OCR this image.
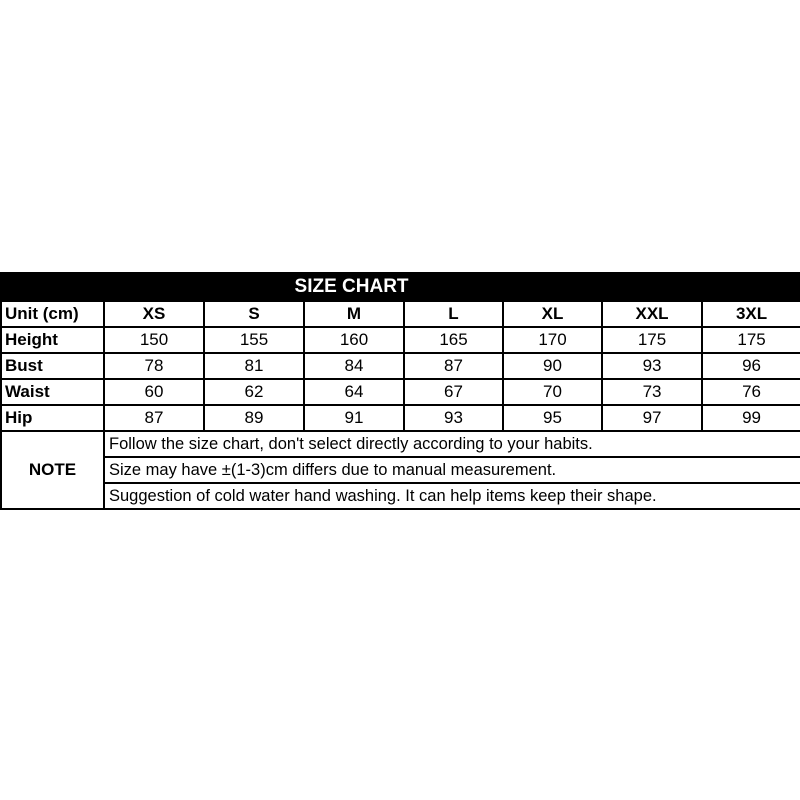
SIZE CHART							
Unit (cm)	XS	S	M	L	XL	XXL	3XL
Height	150	155	160	165	170	175	175
Bust	78	81	84	87	90	93	96
Waist	60	62	64	67	70	73	76
Hip	87	89	91	93	95	97	99
NOTE	Follow the size chart, don't select directly according to your habits.						
	Size may have ±(1-3)cm differs due to manual measurement.						
	Suggestion of cold water hand washing. It can help items keep their shape.						
